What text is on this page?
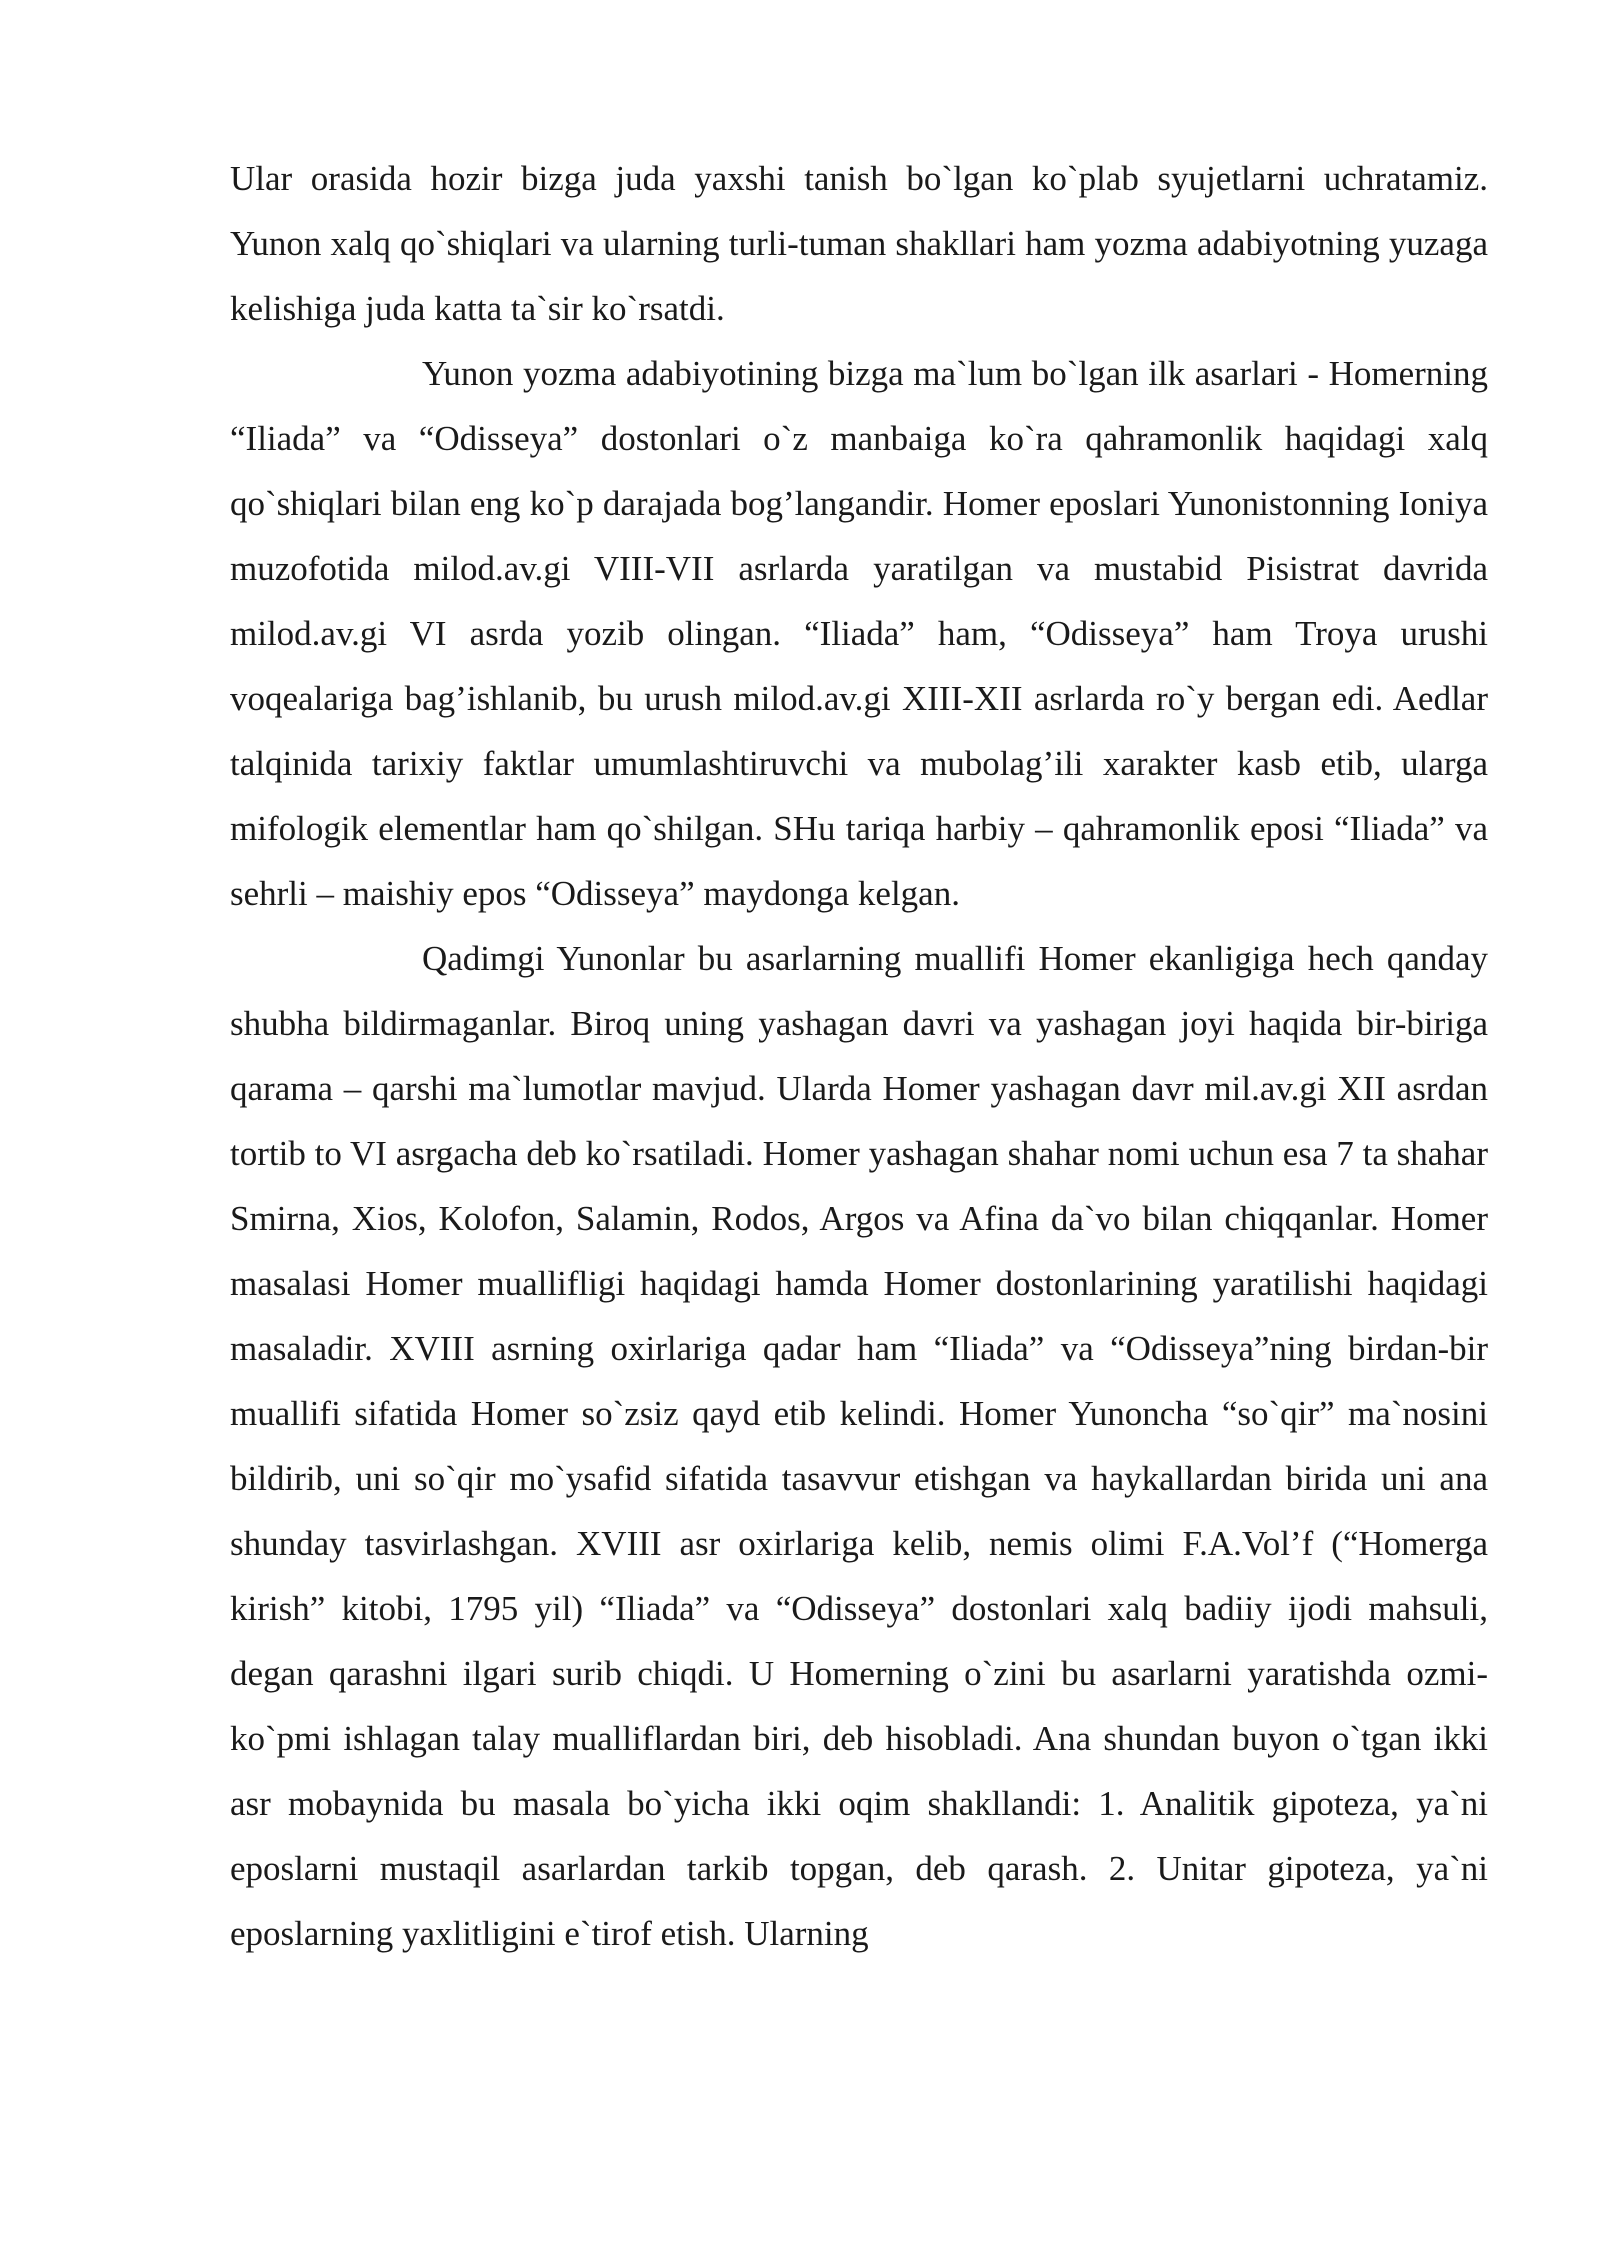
Ular orasida hozir bizga juda yaxshi tanish bo`lgan ko`plab syujetlarni uchratamiz. Yunon xalq qo`shiqlari va ularning turli-tuman shakllari ham yozma adabiyotning yuzaga kelishiga juda katta ta`sir ko`rsatdi.

Yunon yozma adabiyotining bizga ma`lum bo`lgan ilk asarlari - Homerning “Iliada” va “Odisseya” dostonlari o`z manbaiga ko`ra qahramonlik haqidagi xalq qo`shiqlari bilan eng ko`p darajada bog’langandir. Homer eposlari Yunonistonning Ioniya muzofotida milod.av.gi VIII-VII asrlarda yaratilgan va mustabid Pisistrat davrida milod.av.gi VI asrda yozib olingan. “Iliada” ham, “Odisseya” ham Troya urushi voqealariga bag’ishlanib, bu urush milod.av.gi XIII-XII asrlarda ro`y bergan edi. Aedlar talqinida tarixiy faktlar umumlashtiruvchi va mubolag’ili xarakter kasb etib, ularga mifologik elementlar ham qo`shilgan. SHu tariqa harbiy – qahramonlik eposi “Iliada” va sehrli – maishiy epos “Odisseya” maydonga kelgan.

Qadimgi Yunonlar bu asarlarning muallifi Homer ekanligiga hech qanday shubha bildirmaganlar. Biroq uning yashagan davri va yashagan joyi haqida bir-biriga qarama – qarshi ma`lumotlar mavjud. Ularda Homer yashagan davr mil.av.gi XII asrdan tortib to VI asrgacha deb ko`rsatiladi. Homer yashagan shahar nomi uchun esa 7 ta shahar Smirna, Xios, Kolofon, Salamin, Rodos, Argos va Afina da`vo bilan chiqqanlar. Homer masalasi Homer muallifligi haqidagi hamda Homer dostonlarining yaratilishi haqidagi masaladir. XVIII asrning oxirlariga qadar ham “Iliada” va “Odisseya”ning birdan-bir muallifi sifatida Homer so`zsiz qayd etib kelindi. Homer Yunoncha “so`qir” ma`nosini bildirib, uni so`qir mo`ysafid sifatida tasavvur etishgan va haykallardan birida uni ana shunday tasvirlashgan. XVIII asr oxirlariga kelib, nemis olimi F.A.Vol’f (“Homerga kirish” kitobi, 1795 yil) “Iliada” va “Odisseya” dostonlari xalq badiiy ijodi mahsuli, degan qarashni ilgari surib chiqdi. U Homerning o`zini bu asarlarni yaratishda ozmi-ko`pmi ishlagan talay mualliflardan biri, deb hisobladi. Ana shundan buyon o`tgan ikki asr mobaynida bu masala bo`yicha ikki oqim shakllandi: 1. Analitik gipoteza, ya`ni eposlarni mustaqil asarlardan tarkib topgan, deb qarash. 2. Unitar gipoteza, ya`ni eposlarning yaxlitligini e`tirof etish. Ularning
